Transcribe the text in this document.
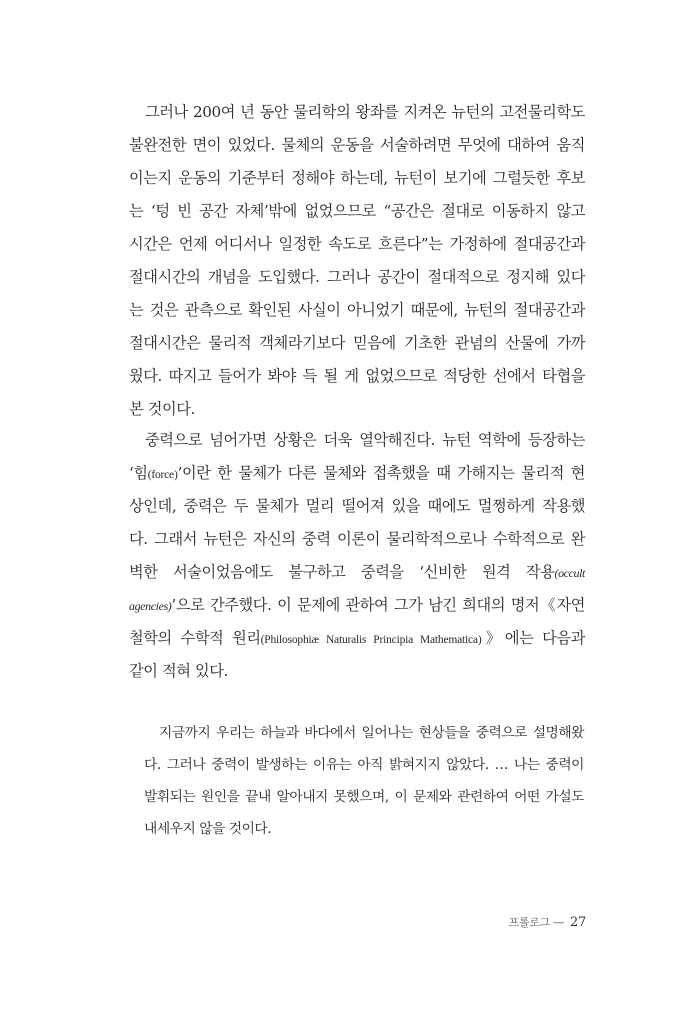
그러나 200여 년 동안 물리학의 왕좌를 지켜온 뉴턴의 고전물리학도
불완전한 면이 있었다. 물체의 운동을 서술하려면 무엇에 대하여 움직
이는지 운동의 기준부터 정해야 하는데, 뉴턴이 보기에 그럴듯한 후보
는 ‘텅 빈 공간 자체’밖에 없었으므로 “공간은 절대로 이동하지 않고
시간은 언제 어디서나 일정한 속도로 흐른다”는 가정하에 절대공간과
절대시간의 개념을 도입했다. 그러나 공간이 절대적으로 정지해 있다
는 것은 관측으로 확인된 사실이 아니었기 때문에, 뉴턴의 절대공간과
절대시간은 물리적 객체라기보다 믿음에 기초한 관념의 산물에 가까
웠다. 따지고 들어가 봐야 득 될 게 없었으므로 적당한 선에서 타협을
본 것이다.
중력으로 넘어가면 상황은 더욱 열악해진다. 뉴턴 역학에 등장하는
‘힘(force)’이란 한 물체가 다른 물체와 접촉했을 때 가해지는 물리적 현
상인데, 중력은 두 물체가 멀리 떨어져 있을 때에도 멀쩡하게 작용했
다. 그래서 뉴턴은 자신의 중력 이론이 물리학적으로나 수학적으로 완
벽한 서술이었음에도 불구하고 중력을 ‘신비한 원격 작용(occult
agencies)’으로 간주했다. 이 문제에 관하여 그가 남긴 희대의 명저《자연
철학의 수학적 원리(Philosophiæ Naturalis Principia Mathematica)》에는 다음과
같이 적혀 있다.
지금까지 우리는 하늘과 바다에서 일어나는 현상들을 중력으로 설명해왔
다. 그러나 중력이 발생하는 이유는 아직 밝혀지지 않았다. … 나는 중력이
발휘되는 원인을 끝내 알아내지 못했으며, 이 문제와 관련하여 어떤 가설도
내세우지 않을 것이다.
프롤로그 — 27
